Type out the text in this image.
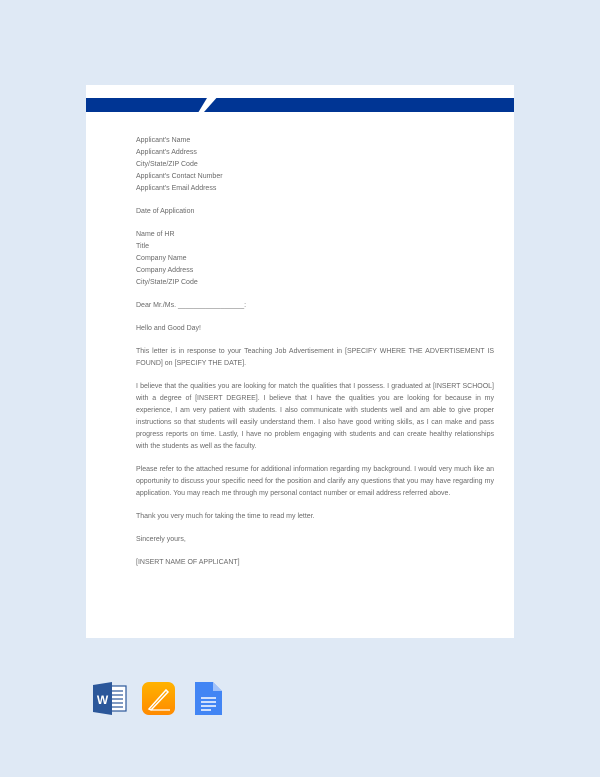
Applicant's Name

Applicant's Address

City/State/ZIP Code

Applicant's Contact Number

Applicant's Email Address

Date of Application

Name of HR

Title

Company Name

Company Address

City/State/ZIP Code

Dear Mr./Ms. _________________:

Hello and Good Day!

This letter is in response to your Teaching Job Advertisement in [SPECIFY WHERE THE ADVERTISEMENT IS FOUND] on [SPECIFY THE DATE].

I believe that the qualities you are looking for match the qualities that I possess. I graduated at [INSERT SCHOOL] with a degree of [INSERT DEGREE]. I believe that I have the qualities you are looking for because in my experience, I am very patient with students. I also communicate with students well and am able to give proper instructions so that students will easily understand them. I also have good writing skills, as I can make and pass progress reports on time. Lastly, I have no problem engaging with students and can create healthy relationships with the students as well as the faculty.

Please refer to the attached resume for additional information regarding my background. I would very much like an opportunity to discuss your specific need for the position and clarify any questions that you may have regarding my application. You may reach me through my personal contact number or email address referred above.

Thank you very much for taking the time to read my letter.

Sincerely yours,

[INSERT NAME OF APPLICANT]

W
